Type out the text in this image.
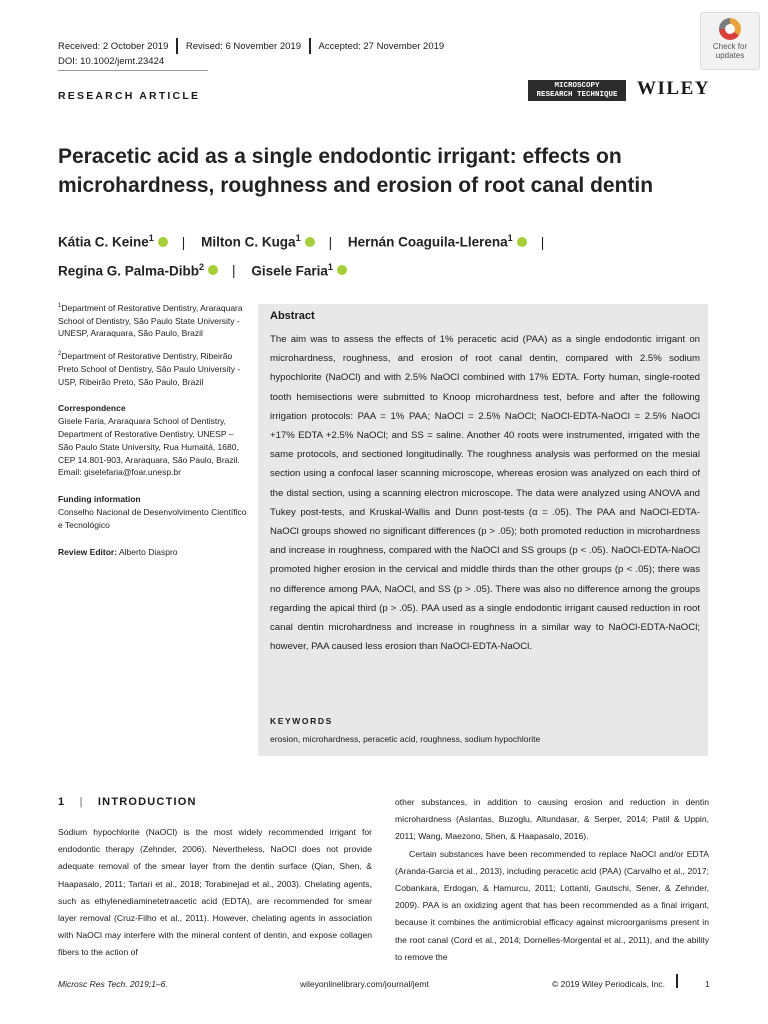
Received: 2 October 2019	Revised: 6 November 2019	Accepted: 27 November 2019
DOI: 10.1002/jemt.23424
RESEARCH ARTICLE
Check for
updates
MICROSCOPY
RESEARCH TECHNIQUE	WILEY
Peracetic acid as a single endodontic irrigant: effects on
microhardness, roughness and erosion of root canal dentin
Kátia C. Keine$^1$ | Milton C. Kuga$^1$ | Hernán Coaguila-Llerena$^1$ |
Regina G. Palma-Dibb$^2$ | Gisele Faria$^1$

$^1$Department of Restorative Dentistry, Araraquara School of Dentistry, São Paulo State University - UNESP, Araraquara, São Paulo, Brazil

$^2$Department of Restorative Dentistry, Ribeirão Preto School of Dentistry, São Paulo University - USP, Ribeirão Preto, São Paulo, Brazil

Correspondence
Gisele Faria, Araraquara School of Dentistry, Department of Restorative Dentistry, UNESP – São Paulo State University, Rua Humaitá, 1680, CEP 14.801-903, Araraquara, São Paulo, Brazil.
Email: giselefaria@foar.unesp.br

Funding information
Conselho Nacional de Desenvolvimento Científico e Tecnológico

Review Editor: Alberto Diaspro

Abstract
The aim was to assess the effects of 1% peracetic acid (PAA) as a single endodontic irrigant on microhardness, roughness, and erosion of root canal dentin, compared with 2.5% sodium hypochlorite (NaOCl) and with 2.5% NaOCl combined with 17% EDTA. Forty human, single-rooted tooth hemisections were submitted to Knoop microhardness test, before and after the following irrigation protocols: PAA = 1% PAA; NaOCl = 2.5% NaOCl; NaOCl-EDTA-NaOCl = 2.5% NaOCl +17% EDTA +2.5% NaOCl; and SS = saline. Another 40 roots were instrumented, irrigated with the same protocols, and sectioned longitudinally. The roughness analysis was performed on the mesial section using a confocal laser scanning microscope, whereas erosion was analyzed on each third of the distal section, using a scanning electron microscope. The data were analyzed using ANOVA and Tukey post-tests, and Kruskal-Wallis and Dunn post-tests (α = .05). The PAA and NaOCl-EDTA-NaOCl groups showed no significant differences (p > .05); both promoted reduction in microhardness and increase in roughness, compared with the NaOCl and SS groups (p < .05). NaOCl-EDTA-NaOCl promoted higher erosion in the cervical and middle thirds than the other groups (p < .05); there was no difference among PAA, NaOCl, and SS (p > .05). There was also no difference among the groups regarding the apical third (p > .05). PAA used as a single endodontic irrigant caused reduction in root canal dentin microhardness and increase in roughness in a similar way to NaOCl-EDTA-NaOCl; however, PAA caused less erosion than NaOCl-EDTA-NaOCl.
KEYWORDS
erosion, microhardness, peracetic acid, roughness, sodium hypochlorite
1 | INTRODUCTION

Sodium hypochlorite (NaOCl) is the most widely recommended irrigant for endodontic therapy (Zehnder, 2006). Nevertheless, NaOCl does not provide adequate removal of the smear layer from the dentin surface (Qian, Shen, & Haapasalo, 2011; Tartari et al., 2018; Torabinejad et al., 2003). Chelating agents, such as ethylenediaminetetraacetic acid (EDTA), are recommended for smear layer removal (Cruz-Filho et al., 2011). However, chelating agents in association with NaOCl may interfere with the mineral content of dentin, and expose collagen fibers to the action of

other substances, in addition to causing erosion and reduction in dentin microhardness (Aslantas, Buzoglu, Altundasar, & Serper, 2014; Patil & Uppin, 2011; Wang, Maezono, Shen, & Haapasalo, 2016).

Certain substances have been recommended to replace NaOCl and/or EDTA (Aranda-Garcia et al., 2013), including peracetic acid (PAA) (Carvalho et al., 2017; Cobankara, Erdogan, & Hamurcu, 2011; Lottanti, Gautschi, Sener, & Zehnder, 2009). PAA is an oxidizing agent that has been recommended as a final irrigant, because it combines the antimicrobial efficacy against microorganisms present in the root canal (Cord et al., 2014; Dornelles-Morgental et al., 2011), and the ability to remove the

Microsc Res Tech. 2019;1–6.	wileyonlinelibrary.com/journal/jemt	© 2019 Wiley Periodicals, Inc.	1
